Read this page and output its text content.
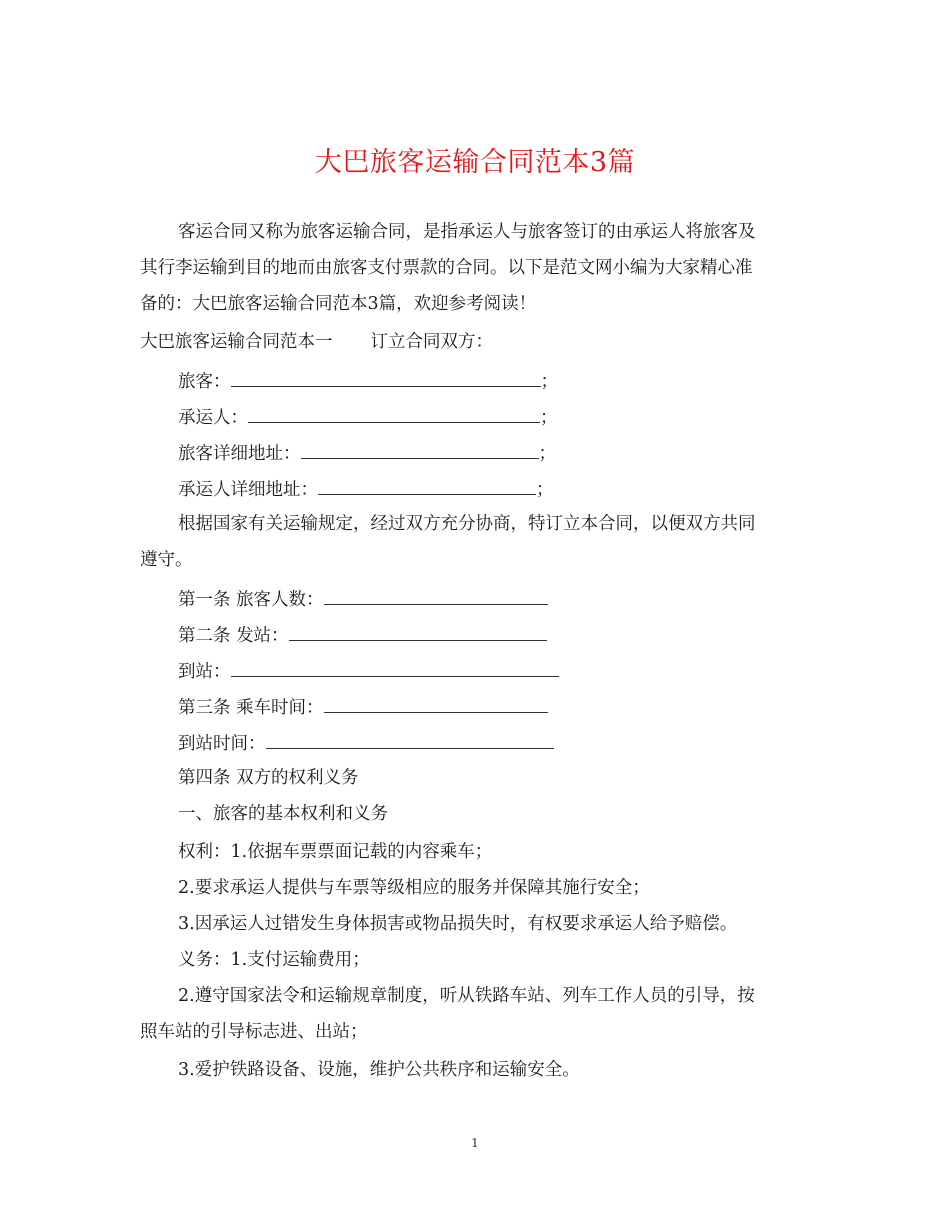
大巴旅客运输合同范本3篇
客运合同又称为旅客运输合同，是指承运人与旅客签订的由承运人将旅客及
其行李运输到目的地而由旅客支付票款的合同。以下是范文网小编为大家精心准
备的：大巴旅客运输合同范本3篇，欢迎参考阅读！
大巴旅客运输合同范本一 订立合同双方：
旅客：	；
承运人：	；
旅客详细地址：	；
承运人详细地址：	；
根据国家有关运输规定，经过双方充分协商，特订立本合同，以便双方共同
遵守。
第一条 旅客人数：
第二条 发站：
到站：
第三条 乘车时间：
到站时间：
第四条 双方的权利义务
一、旅客的基本权利和义务
权利：1.依据车票票面记载的内容乘车；
2.要求承运人提供与车票等级相应的服务并保障其施行安全；
3.因承运人过错发生身体损害或物品损失时，有权要求承运人给予赔偿。
义务：1.支付运输费用；
2.遵守国家法令和运输规章制度，听从铁路车站、列车工作人员的引导，按
照车站的引导标志进、出站；
3.爱护铁路设备、设施，维护公共秩序和运输安全。
1
